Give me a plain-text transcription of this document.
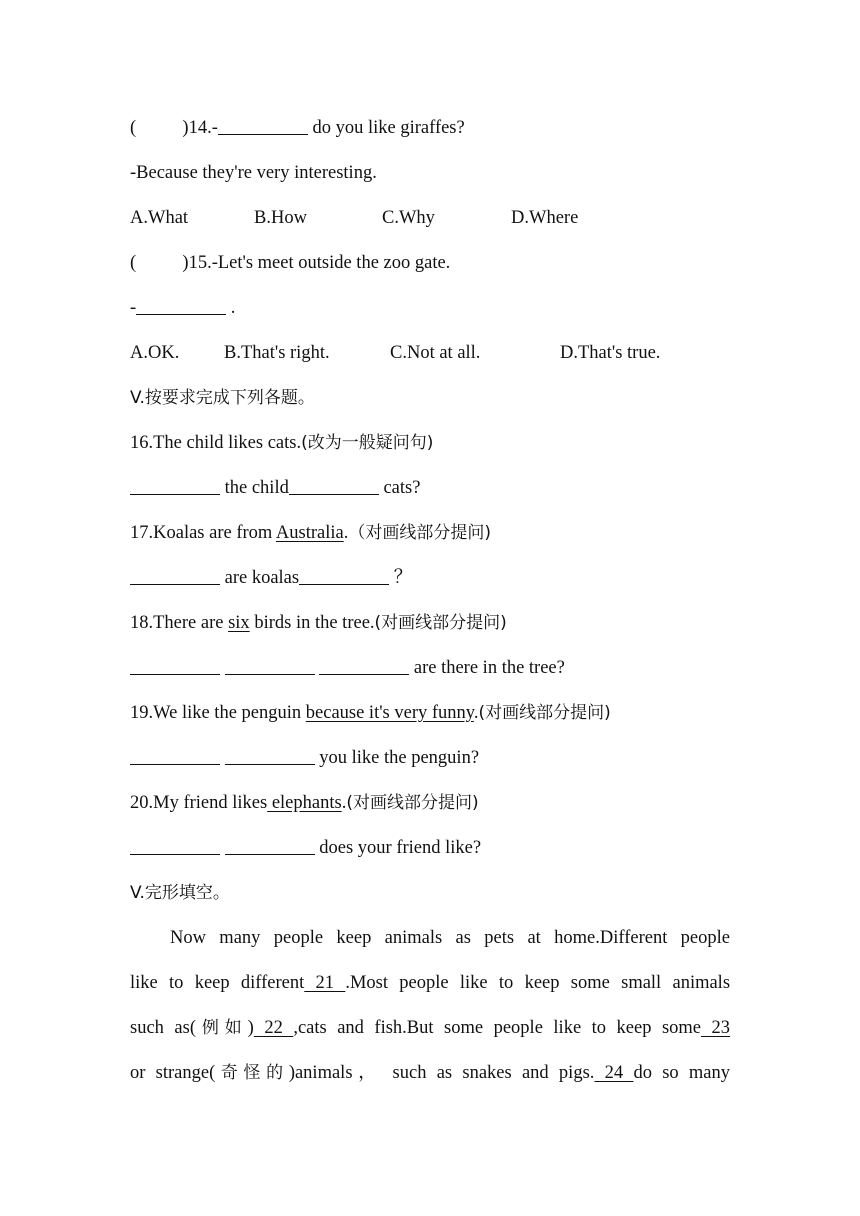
(          )14.-	do you like giraffes?
-Because they're very interesting.
A.What	B.How	C.Why	D.Where
(          )15.-Let's meet outside the zoo gate.
-	.
A.OK. B.That's right.	C.Not at all.	D.That's true.
V.按要求完成下列各题。
16.The child likes cats.(改为一般疑问句)
the child	cats?
17.Koalas are from Australia.（对画线部分提问)
are koalas	？
18.There are six birds in the tree.(对画线部分提问)
are there in the tree?
19.We like the penguin because it's very funny.(对画线部分提问)
you like the penguin?
20.My friend likes elephants.(对画线部分提问)
does your friend like?
V.完形填空。
Now many people keep animals as pets at home.Different people
like to keep different 21 .Most people like to keep some small animals
such as(例如) 22 ,cats and fish.But some people like to keep some 23
or strange(奇怪的)animals， such as snakes and pigs. 24 do so many
